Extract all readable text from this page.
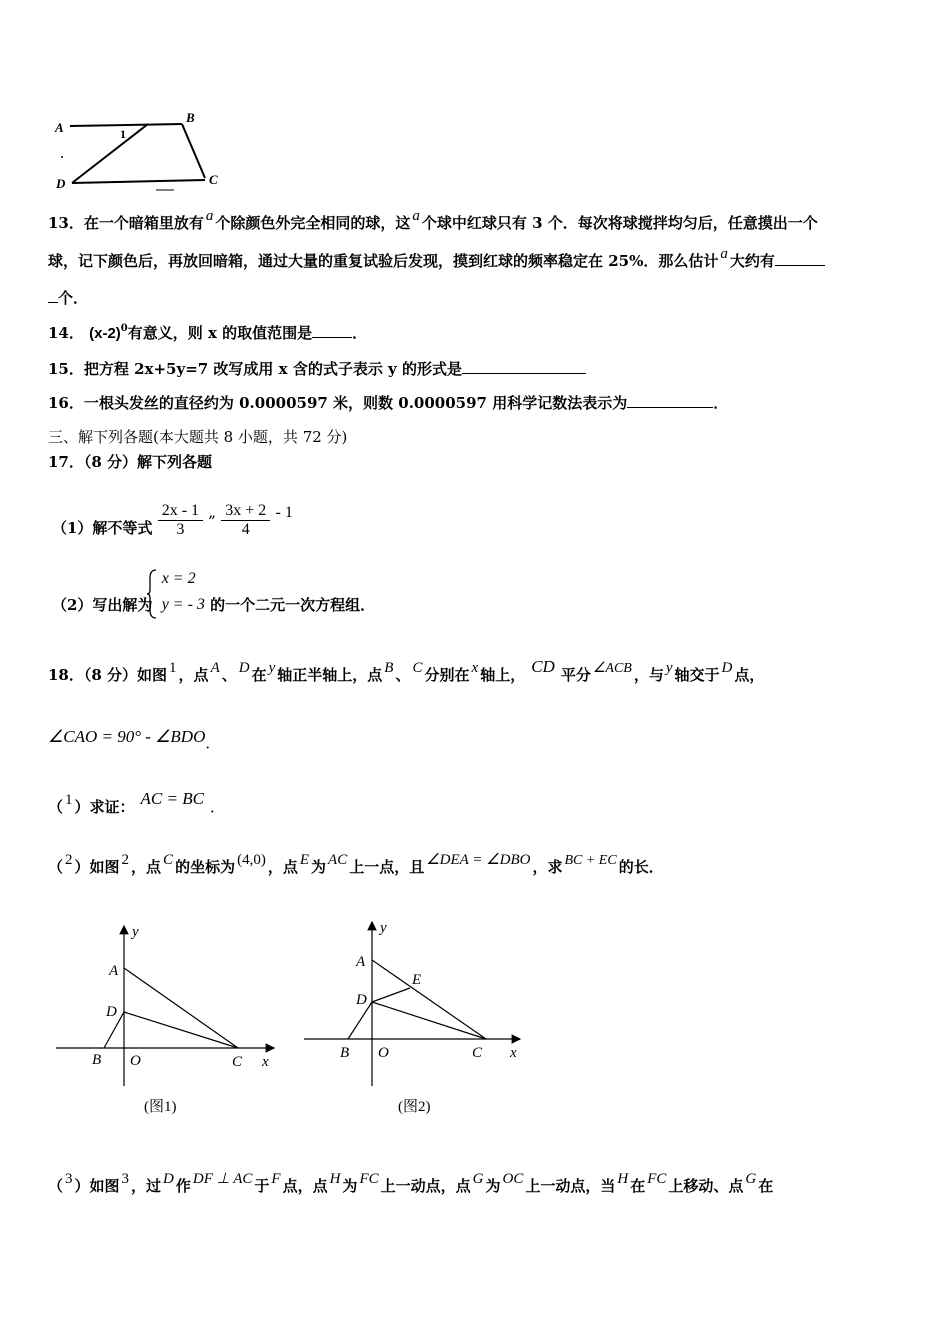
A
B
C
D
1
13．在一个暗箱里放有 a 个除颜色外完全相同的球，这 a 个球中红球只有 3 个．每次将球搅拌均匀后，任意摸出一个
球，记下颜色后，再放回暗箱，通过大量的重复试验后发现，摸到红球的频率稳定在 25%．那么估计 a 大约有
个．
14． $(x-2)^0$有意义，则 x 的取值范围是	．
15．把方程 2x+5y=7 改写成用 x 含的式子表示 y 的形式是
16．一根头发丝的直径约为 0.0000597 米，则数 0.0000597 用科学记数法表示为	．
三、解下列各题(本大题共 8 小题，共 72 分)
17．（8 分）解下列各题
（1）解不等式 $\frac{2x - 1}{3}$ „ $\frac{3x + 2}{4} - 1$
（2）写出解为
x = 2
y = - 3 的一个二元一次方程组．
18．（8 分）如图 1 ，点 A 、 D 在 y 轴正半轴上，点 B 、 C 分别在 x 轴上， CD 平分 ∠ACB ，与 y 轴交于 D 点，
∠CAO = 90° - ∠BDO．
（ 1 ）求证： AC = BC ．
（ 2 ）如图 2 ，点 C 的坐标为 (4,0) ，点 E 为 AC 上一点，且 ∠DEA = ∠DBO ，求 BC + EC 的长．
y
A
D
B O	C x
(图1)
y
A
E
D
B O	C x
(图2)
（ 3 ）如图 3 ，过 D 作 DF ⊥ AC 于 F 点，点 H 为 FC 上一动点，点 G 为 OC 上一动点，当 H 在 FC 上移动、点 G 在
